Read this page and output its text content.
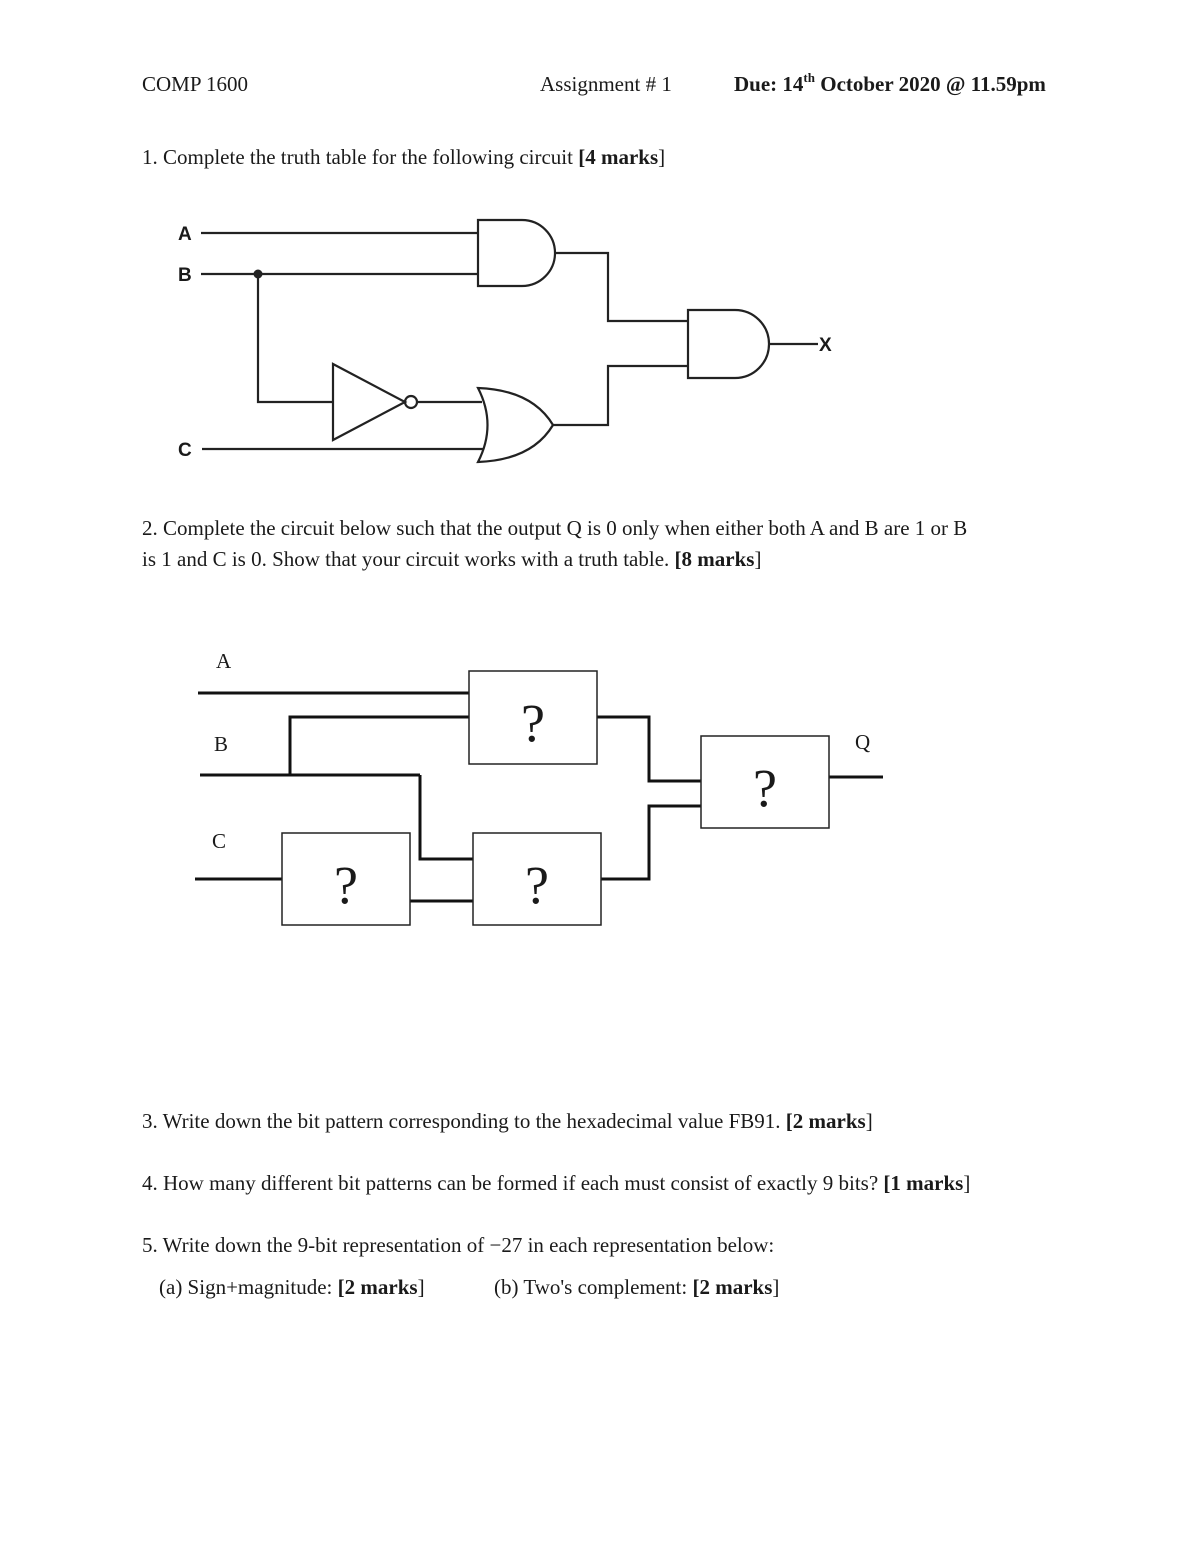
COMP 1600	Assignment # 1	Due: 14th October 2020 @ 11.59pm
1. Complete the truth table for the following circuit [4 marks]
A
B
C
X
2. Complete the circuit below such that the output Q is 0 only when either both A and B are 1 or B
is 1 and C is 0. Show that your circuit works with a truth table. [8 marks]
?
?
?	?
A
B
C
Q
3. Write down the bit pattern corresponding to the hexadecimal value FB91. [2 marks]
4. How many different bit patterns can be formed if each must consist of exactly 9 bits? [1 marks]
5. Write down the 9-bit representation of −27 in each representation below:
(a) Sign+magnitude: [2 marks]	(b) Two's complement: [2 marks]
